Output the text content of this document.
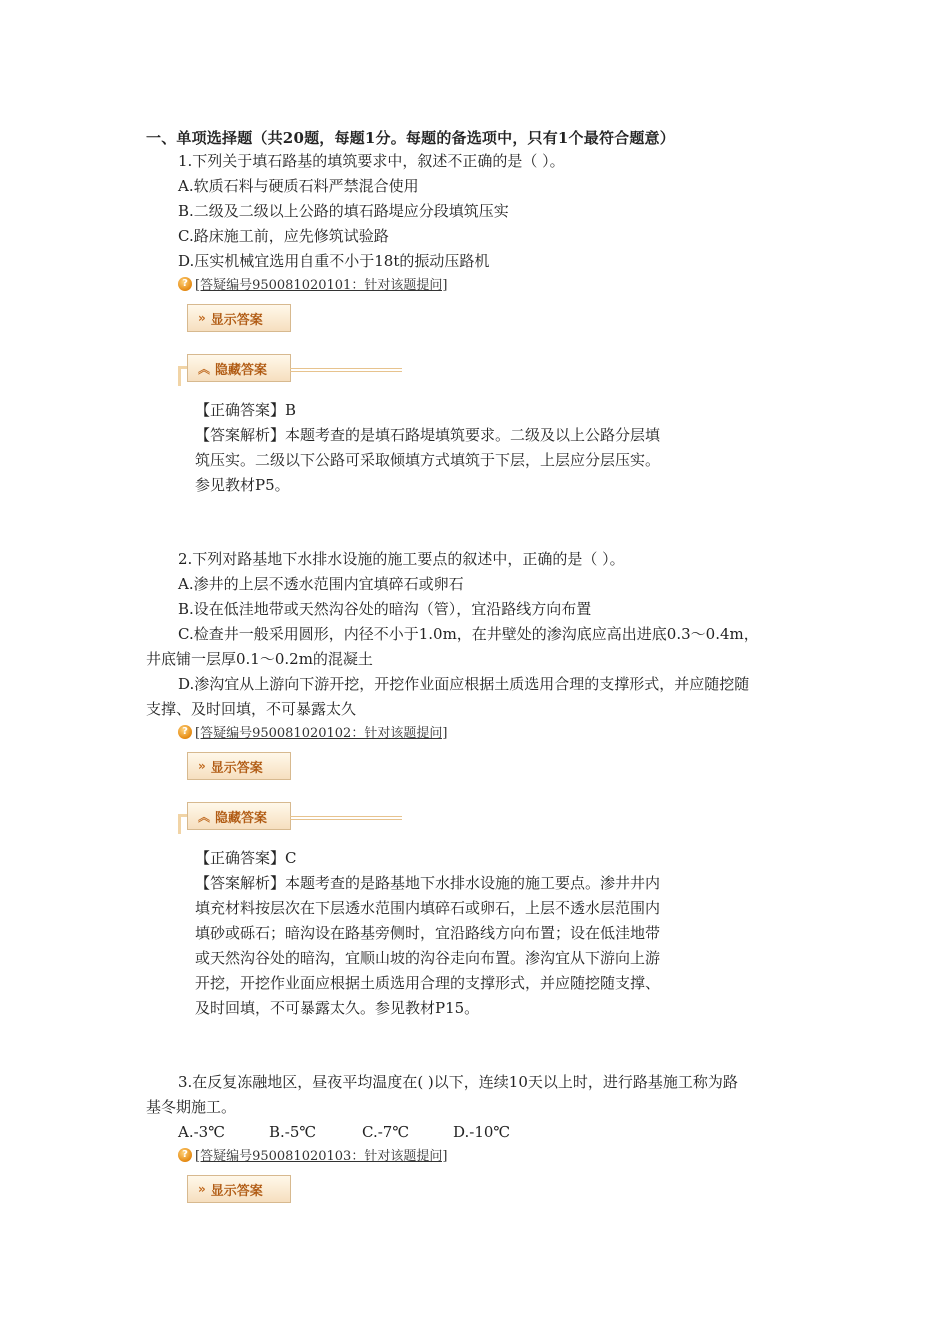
一、单项选择题（共20题，每题1分。每题的备选项中，只有1个最符合题意）
1.下列关于填石路基的填筑要求中，叙述不正确的是（ ）。
A.软质石料与硬质石料严禁混合使用
B.二级及二级以上公路的填石路堤应分段填筑压实
C.路床施工前，应先修筑试验路
D.压实机械宜选用自重不小于18t的振动压路机
? [答疑编号950081020101：针对该题提问]
» 显示答案
︽ 隐藏答案
【正确答案】B
【答案解析】本题考查的是填石路堤填筑要求。二级及以上公路分层填
筑压实。二级以下公路可采取倾填方式填筑于下层，上层应分层压实。
参见教材P5。
2.下列对路基地下水排水设施的施工要点的叙述中，正确的是（ ）。
A.渗井的上层不透水范围内宜填碎石或卵石
B.设在低洼地带或天然沟谷处的暗沟（管），宜沿路线方向布置
C.检查井一般采用圆形，内径不小于1.0m，在井壁处的渗沟底应高出进底0.3～0.4m，
井底铺一层厚0.1～0.2m的混凝土
D.渗沟宜从上游向下游开挖，开挖作业面应根据土质选用合理的支撑形式，并应随挖随
支撑、及时回填，不可暴露太久
? [答疑编号950081020102：针对该题提问]
» 显示答案
︽ 隐藏答案
【正确答案】C
【答案解析】本题考查的是路基地下水排水设施的施工要点。渗井井内
填充材料按层次在下层透水范围内填碎石或卵石，上层不透水层范围内
填砂或砾石；暗沟设在路基旁侧时，宜沿路线方向布置；设在低洼地带
或天然沟谷处的暗沟，宜顺山坡的沟谷走向布置。渗沟宜从下游向上游
开挖，开挖作业面应根据土质选用合理的支撑形式，并应随挖随支撑、
及时回填，不可暴露太久。参见教材P15。
3.在反复冻融地区，昼夜平均温度在( )以下，连续10天以上时，进行路基施工称为路
基冬期施工。
A.-3℃	B.-5℃	C.-7℃	D.-10℃
? [答疑编号950081020103：针对该题提问]
» 显示答案
